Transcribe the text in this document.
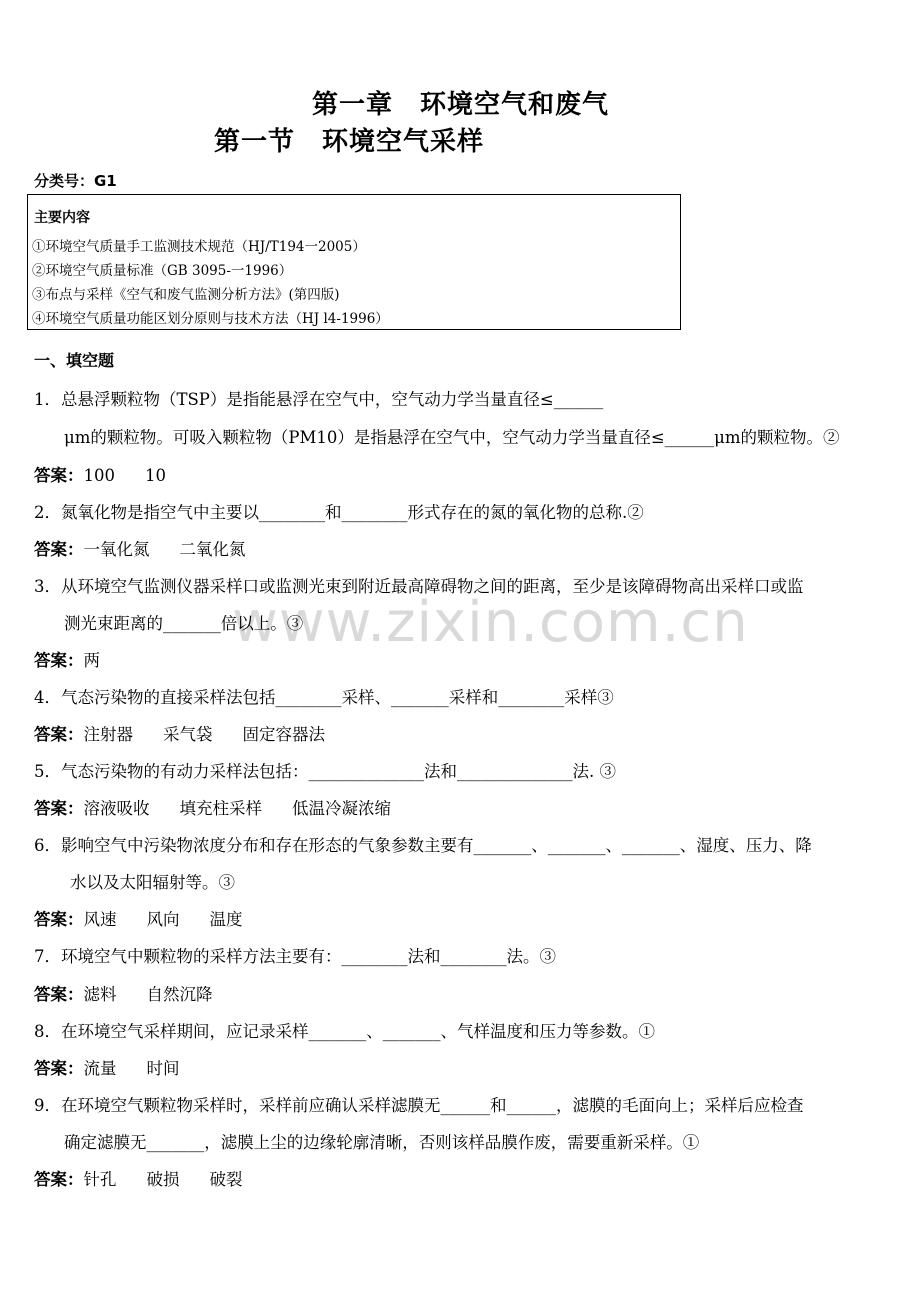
www.zixin.com.cn
第一章　环境空气和废气
第一节　环境空气采样
分类号：G1
主要内容
①环境空气质量手工监测技术规范（HJ/T194一2005）
②环境空气质量标准（GB 3095-一1996）
③布点与采样《空气和废气监测分析方法》(第四版)
④环境空气质量功能区划分原则与技术方法（HJ l4-1996）
一、填空题
1．总悬浮颗粒物（TSP）是指能悬浮在空气中，空气动力学当量直径≤______
μm的颗粒物。可吸入颗粒物（PM10）是指悬浮在空气中，空气动力学当量直径≤______μm的颗粒物。②
答案：100 10
2．氮氧化物是指空气中主要以________和________形式存在的氮的氧化物的总称.②
答案：一氧化氮 二氧化氮
3．从环境空气监测仪器采样口或监测光束到附近最高障碍物之间的距离，至少是该障碍物高出采样口或监
测光束距离的_______倍以上。③
答案：两
4．气态污染物的直接采样法包括________采样、_______采样和________采样③
答案：注射器 采气袋 固定容器法
5．气态污染物的有动力采样法包括：______________法和______________法. ③
答案：溶液吸收 填充柱采样 低温冷凝浓缩
6．影响空气中污染物浓度分布和存在形态的气象参数主要有_______、_______、_______、湿度、压力、降
水以及太阳辐射等。③
答案：风速 风向 温度
7．环境空气中颗粒物的采样方法主要有：________法和________法。③
答案：滤料 自然沉降
8．在环境空气采样期间，应记录采样_______、_______、气样温度和压力等参数。①
答案：流量 时间
9．在环境空气颗粒物采样时，采样前应确认采样滤膜无______和______，滤膜的毛面向上；采样后应检查
确定滤膜无_______，滤膜上尘的边缘轮廓清晰，否则该样品膜作废，需要重新采样。①
答案：针孔 破损 破裂
